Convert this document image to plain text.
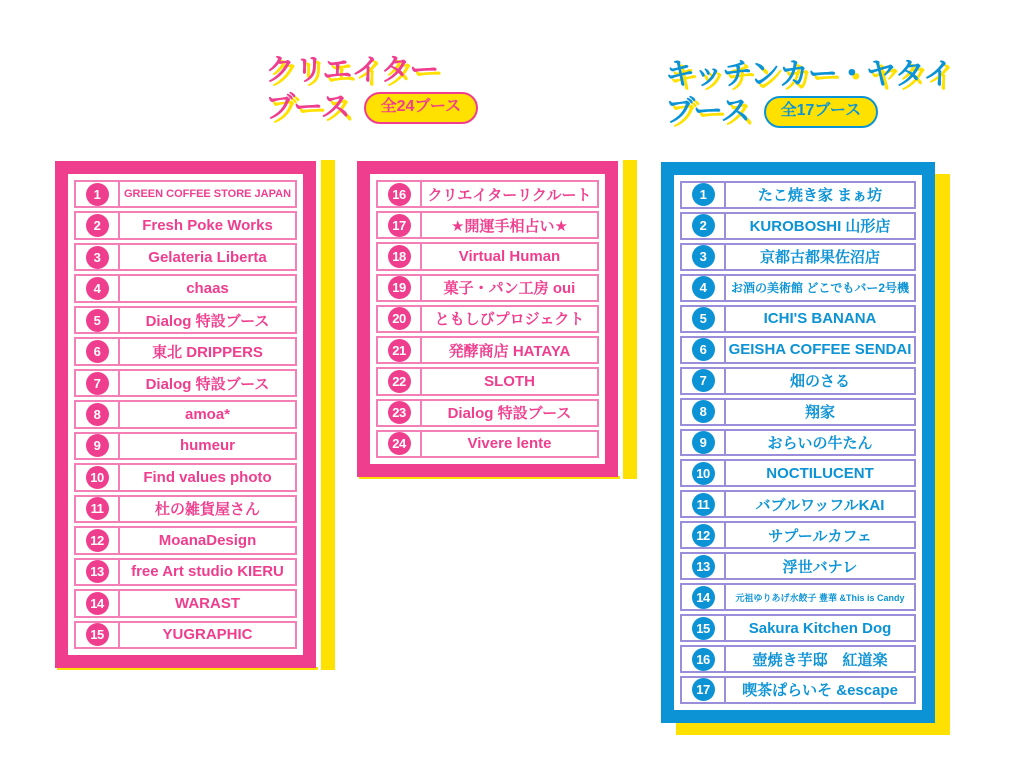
クリエイター
ブース	全24ブース
キッチンカー・ヤタイ
ブース	全17ブース
1	GREEN COFFEE STORE JAPAN
2	Fresh Poke Works
3	Gelateria Liberta
4	chaas
5	Dialog 特設ブース
6	東北 DRIPPERS
7	Dialog 特設ブース
8	amoa*
9	humeur
10	Find values photo
11	杜の雑貨屋さん
12	MoanaDesign
13	free Art studio KIERU
14	WARAST
15	YUGRAPHIC
16	クリエイターリクルート
17	★開運手相占い★
18	Virtual Human
19	菓子・パン工房 oui
20	ともしびプロジェクト
21	発酵商店 HATAYA
22	SLOTH
23	Dialog 特設ブース
24	Vivere lente
1	たこ焼き家 まぁ坊
2	KUROBOSHI 山形店
3	京都古都果佐沼店
4	お酒の美術館 どこでもバー2号機
5	ICHI'S BANANA
6	GEISHA COFFEE SENDAI
7	畑のさる
8	翔家
9	おらいの牛たん
10	NOCTILUCENT
11	バブルワッフルKAI
12	サプールカフェ
13	浮世バナレ
14	元祖ゆりあげ水餃子 豊華 &This is Candy
15	Sakura Kitchen Dog
16	壺焼き芋邸　紅道楽
17	喫茶ぱらいそ &escape
